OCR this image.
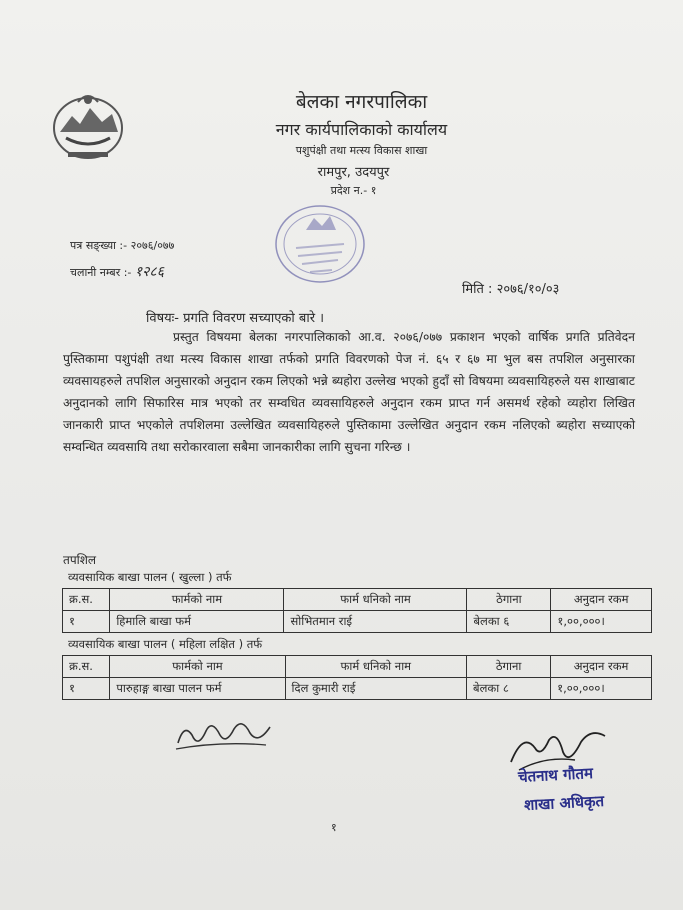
बेलका नगरपालिका
नगर कार्यपालिकाको कार्यालय
पशुपंक्षी तथा मत्स्य विकास शाखा
रामपुर, उदयपुर
प्रदेश न.- १
पत्र सङ्ख्या :- २०७६/०७७
चलानी नम्बर :- १२८६
मिति : २०७६/१०/०३
विषयः- प्रगति विवरण सच्याएको बारे ।
प्रस्तुत विषयमा बेलका नगरपालिकाको आ.व. २०७६/०७७ प्रकाशन भएको वार्षिक प्रगति प्रतिवेदन पुस्तिकामा पशुपंक्षी तथा मत्स्य विकास शाखा तर्फको प्रगति विवरणको पेज नं. ६५ र ६७ मा भुल बस तपशिल अनुसारका व्यवसायहरुले तपशिल अनुसारको अनुदान रकम लिएको भन्ने ब्यहोरा उल्लेख भएको हुदाँ सो विषयमा व्यवसायिहरुले यस शाखाबाट अनुदानको लागि सिफारिस मात्र भएको तर सम्वधित व्यवसायिहरुले अनुदान रकम प्राप्त गर्न असमर्थ रहेको व्यहोरा लिखित जानकारी प्राप्त भएकोले तपशिलमा उल्लेखित व्यवसायिहरुले पुस्तिकामा उल्लेखित अनुदान रकम नलिएको ब्यहोरा सच्याएको सम्वन्धित व्यवसायि तथा सरोकारवाला सबैमा जानकारीका लागि सुचना गरिन्छ ।
तपशिल
व्यवसायिक बाखा पालन ( खुल्ला ) तर्फ
क्र.स.	फार्मको नाम	फार्म धनिको नाम	ठेगाना	अनुदान रकम
१	हिमालि बाखा फर्म	सोभितमान राई	बेलका ६	१,००,०००।
व्यवसायिक बाखा पालन ( महिला लक्षित ) तर्फ
क्र.स.	फार्मको नाम	फार्म धनिको नाम	ठेगाना	अनुदान रकम
१	पारुहाङ्ग बाखा पालन फर्म	दिल कुमारी राई	बेलका ८	१,००,०००।
चेतनाथ गौतम
शाखा अधिकृत
१
